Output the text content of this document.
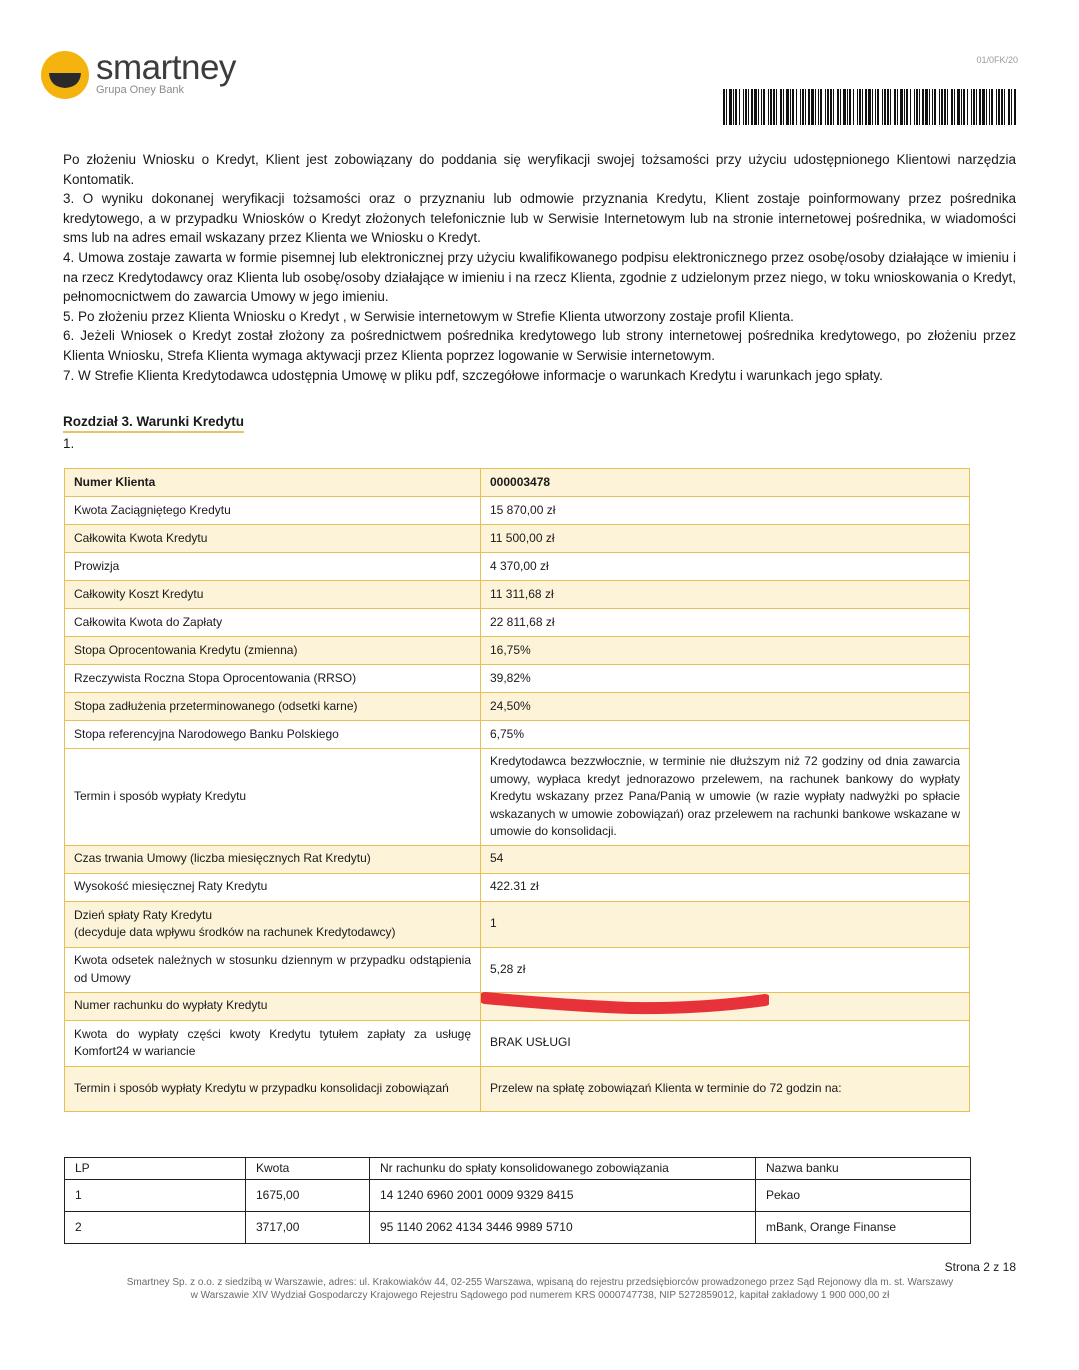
smartney
Grupa Oney Bank
01/0FK/20

Po złożeniu Wniosku o Kredyt, Klient jest zobowiązany do poddania się weryfikacji swojej tożsamości przy użyciu udostępnionego Klientowi narzędzia Kontomatik.

3. O wyniku dokonanej weryfikacji tożsamości oraz o przyznaniu lub odmowie przyznania Kredytu, Klient zostaje poinformowany przez pośrednika kredytowego, a w przypadku Wniosków o Kredyt złożonych telefonicznie lub w Serwisie Internetowym lub na stronie internetowej pośrednika, w wiadomości sms lub na adres email wskazany przez Klienta we Wniosku o Kredyt.

4. Umowa zostaje zawarta w formie pisemnej lub elektronicznej przy użyciu kwalifikowanego podpisu elektronicznego przez osobę/osoby działające w imieniu i na rzecz Kredytodawcy oraz Klienta lub osobę/osoby działające w imieniu i na rzecz Klienta, zgodnie z udzielonym przez niego, w toku wnioskowania o Kredyt, pełnomocnictwem do zawarcia Umowy w jego imieniu.

5. Po złożeniu przez Klienta Wniosku o Kredyt , w Serwisie internetowym w Strefie Klienta utworzony zostaje profil Klienta.

6. Jeżeli Wniosek o Kredyt został złożony za pośrednictwem pośrednika kredytowego lub strony internetowej pośrednika kredytowego, po złożeniu przez Klienta Wniosku, Strefa Klienta wymaga aktywacji przez Klienta poprzez logowanie w Serwisie internetowym.

7. W Strefie Klienta Kredytodawca udostępnia Umowę w pliku pdf, szczegółowe informacje o warunkach Kredytu i warunkach jego spłaty.

Rozdział 3. Warunki Kredytu
1.
Numer Klienta	000003478
Kwota Zaciągniętego Kredytu	15 870,00 zł
Całkowita Kwota Kredytu	11 500,00 zł
Prowizja	4 370,00 zł
Całkowity Koszt Kredytu	11 311,68 zł
Całkowita Kwota do Zapłaty	22 811,68 zł
Stopa Oprocentowania Kredytu (zmienna)	16,75%
Rzeczywista Roczna Stopa Oprocentowania (RRSO)	39,82%
Stopa zadłużenia przeterminowanego (odsetki karne)	24,50%
Stopa referencyjna Narodowego Banku Polskiego	6,75%
Termin i sposób wypłaty Kredytu	Kredytodawca bezzwłocznie, w terminie nie dłuższym niż 72 godziny od dnia zawarcia umowy, wypłaca kredyt jednorazowo przelewem, na rachunek bankowy do wypłaty Kredytu wskazany przez Pana/Panią w umowie (w razie wypłaty nadwyżki po spłacie wskazanych w umowie zobowiązań) oraz przelewem na rachunki bankowe wskazane w umowie do konsolidacji.
Czas trwania Umowy (liczba miesięcznych Rat Kredytu)	54
Wysokość miesięcznej Raty Kredytu	422.31 zł
Dzień spłaty Raty Kredytu
(decyduje data wpływu środków na rachunek Kredytodawcy)	1
Kwota odsetek należnych w stosunku dziennym w przypadku odstąpienia od Umowy	5,28 zł
Numer rachunku do wypłaty Kredytu	
Kwota do wypłaty części kwoty Kredytu tytułem zapłaty za usługę Komfort24 w wariancie	BRAK USŁUGI
Termin i sposób wypłaty Kredytu w przypadku konsolidacji zobowiązań	Przelew na spłatę zobowiązań Klienta w terminie do 72 godzin na:
LP	Kwota	Nr rachunku do spłaty konsolidowanego zobowiązania	Nazwa banku
1	1675,00	14 1240 6960 2001 0009 9329 8415	Pekao
2	3717,00	95 1140 2062 4134 3446 9989 5710	mBank, Orange Finanse
Strona 2 z 18
Smartney Sp. z o.o. z siedzibą w Warszawie, adres: ul. Krakowiaków 44, 02-255 Warszawa, wpisaną do rejestru przedsiębiorców prowadzonego przez Sąd Rejonowy dla m. st. Warszawy
w Warszawie XIV Wydział Gospodarczy Krajowego Rejestru Sądowego pod numerem KRS 0000747738, NIP 5272859012, kapitał zakładowy 1 900 000,00 zł
